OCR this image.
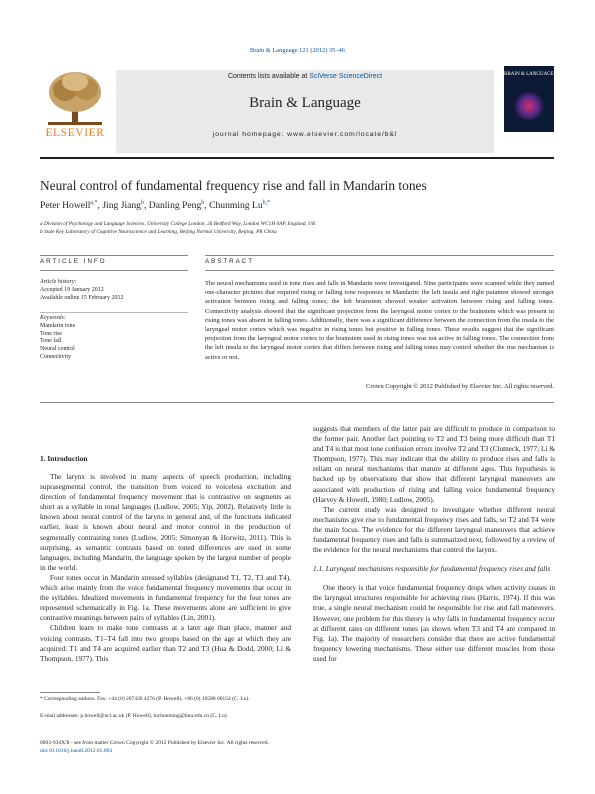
Brain & Language 121 (2012) 35–46
ELSEVIER
Contents lists available at SciVerse ScienceDirect
Brain & Language
journal homepage: www.elsevier.com/locate/b&l
BRAIN & LANGUAGE
Neural control of fundamental frequency rise and fall in Mandarin tones
Peter Howell$^{a,*}$, Jing Jiang$^b$, Danling Peng$^b$, Chunming $Lu^{b,*}$
a Division of Psychology and Language Sciences, University College London, 26 Bedford Way, London WC1H 0AP, England, UK
b State Key Laboratory of Cognitive Neuroscience and Learning, Beijing Normal University, Beijing, PR China
ARTICLE INFO	ABSTRACT
Article history:
Accepted 19 January 2012
Available online 15 February 2012
Keywords:
Mandarin tone
Tone rise
Tone fall
Neural control
Connectivity
The neural mechanisms used in tone rises and falls in Mandarin were investigated. Nine participants were scanned while they named one-character pictures that required rising or falling tone responses in Mandarin: the left insula and right putamen showed stronger activation between rising and falling tones; the left brainstem showed weaker activation between rising and falling tones. Connectivity analysis showed that the significant projection from the laryngeal motor cortex to the brainstem which was present in rising tones was absent in falling tones. Additionally, there was a significant difference between the connection from the insula to the laryngeal motor cortex which was negative in rising tones but positive in falling tones. These results suggest that the significant projection from the laryngeal motor cortex to the brainstem used in rising tones was not active in falling tones. The connection from the left insula to the laryngeal motor cortex that differs between rising and falling tones may control whether the rise mechanism is active or not.
Crown Copyright © 2012 Published by Elsevier Inc. All rights reserved.
1. Introduction

The larynx is involved in many aspects of speech production, including suprasegmental control, the transition from voiced to voiceless excitation and direction of fundamental frequency movement that is contrastive on segments as short as a syllable in tonal languages (Ludlow, 2005; Yip, 2002). Relatively little is known about neural control of the larynx in general and, of the functions indicated earlier, least is known about neural and motor control in the production of segmentally contrasting tones (Ludlow, 2005; Simonyan & Horwitz, 2011). This is surprising, as semantic contrasts based on toned differences are used in some languages, including Mandarin, the language spoken by the largest number of people in the world.

Four tones occur in Mandarin stressed syllables (designated T1, T2, T3 and T4), which arise mainly from the voice fundamental frequency movements that occur in the syllables. Idealized movements in fundamental frequency for the four tones are represented schematically in Fig. 1a. These movements alone are sufficient to give contrastive meanings between pairs of syllables (Lin, 2001).

Children learn to make tone contrasts at a later age than place, manner and voicing contrasts. T1–T4 fall into two groups based on the age at which they are acquired: T1 and T4 are acquired earlier than T2 and T3 (Hua & Dodd, 2000; Li & Thompson, 1977). This

suggests that members of the latter pair are difficult to produce in comparison to the former pair. Another fact pointing to T2 and T3 being more difficult than T1 and T4 is that most tone confusion errors involve T2 and T3 (Clumeck, 1977; Li & Thompson, 1977). This may indicate that the ability to produce rises and falls is reliant on neural mechanisms that mature at different ages. This hypothesis is backed up by observations that show that different laryngeal maneuvers are associated with production of rising and falling voice fundamental frequency (Harvey & Howell, 1980; Ludlow, 2005).

The current study was designed to investigate whether different neural mechanisms give rise to fundamental frequency rises and falls, so T2 and T4 were the main focus. The evidence for the different laryngeal maneuvers that achieve fundamental frequency rises and falls is summarized next, followed by a review of the evidence for the neural mechanisms that control the larynx.

1.1. Laryngeal mechanisms responsible for fundamental frequency rises and falls

One theory is that voice fundamental frequency drops when activity ceases in the laryngeal structures responsible for achieving rises (Harris, 1974). If this was true, a single neural mechanism could be responsible for rise and fall maneuvers. However, one problem for this theory is why falls in fundamental frequency occur at different rates on different tones (as shown when T3 and T4 are compared in Fig. 1a). The majority of researchers consider that there are active fundamental frequency lowering mechanisms. These either use different muscles from those used for

* Corresponding authors. Fax: +44 (0) 207436 4276 (P. Howell), +86 (0) 10588 06154 (C. Lu).
E-mail addresses: p.howell@ucl.ac.uk (P. Howell), luchunming@bnu.edu.cn (C. Lu).
0093-934X/$ - see front matter Crown Copyright © 2012 Published by Elsevier Inc. All rights reserved.
doi:10.1016/j.bandl.2012.01.004
